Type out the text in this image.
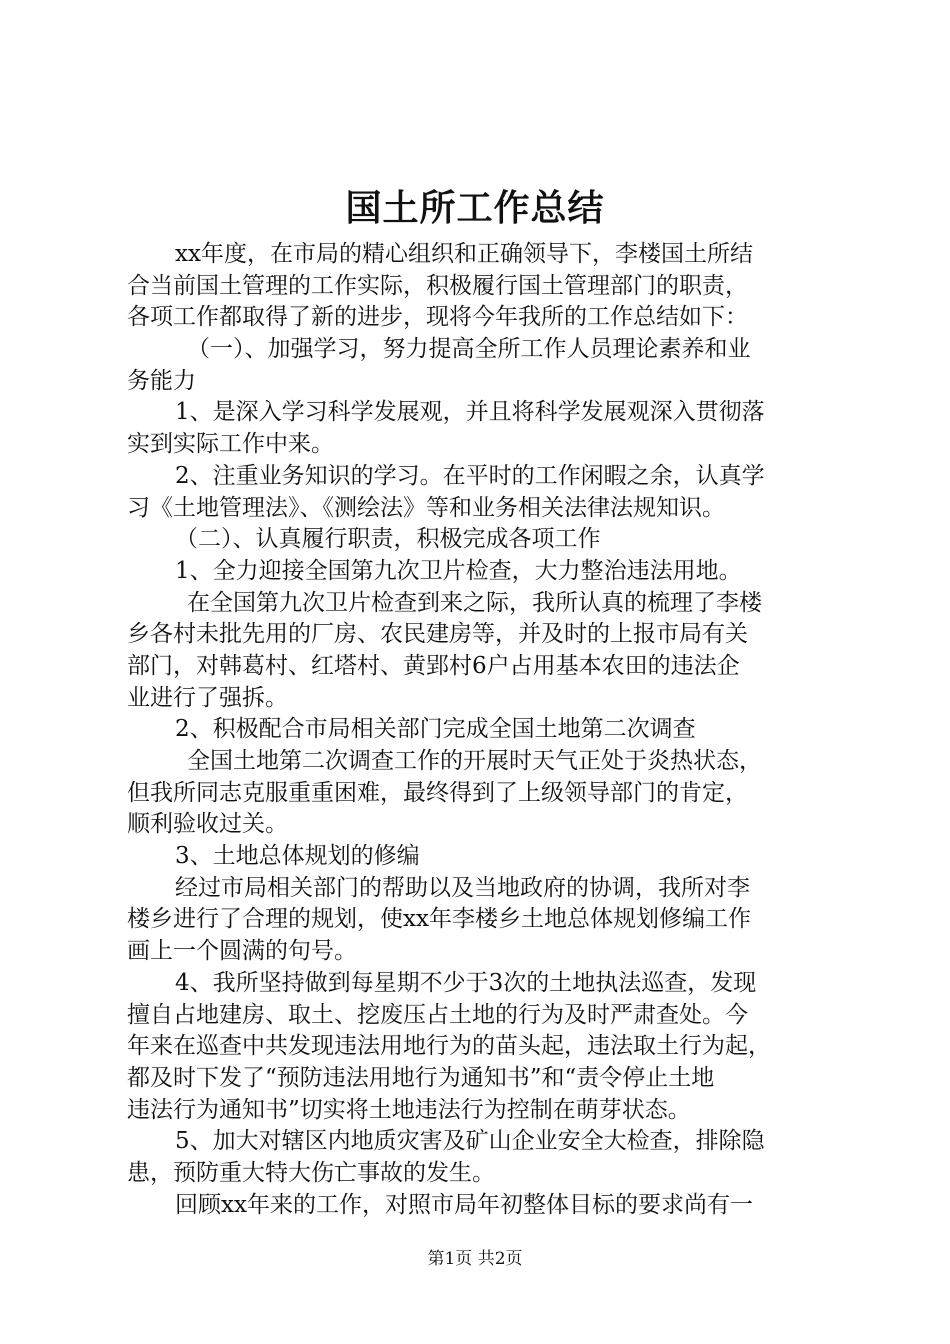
国土所工作总结
xx年度，在市局的精心组织和正确领导下，李楼国土所结
合当前国土管理的工作实际，积极履行国土管理部门的职责，
各项工作都取得了新的进步，现将今年我所的工作总结如下：
（一）、加强学习，努力提高全所工作人员理论素养和业
务能力
1、是深入学习科学发展观，并且将科学发展观深入贯彻落
实到实际工作中来。
2、注重业务知识的学习。在平时的工作闲暇之余，认真学
习《土地管理法》、《测绘法》等和业务相关法律法规知识。
（二）、认真履行职责，积极完成各项工作
1、全力迎接全国第九次卫片检查，大力整治违法用地。
在全国第九次卫片检查到来之际，我所认真的梳理了李楼
乡各村未批先用的厂房、农民建房等，并及时的上报市局有关
部门，对韩葛村、红塔村、黄郢村6户占用基本农田的违法企
业进行了强拆。
2、积极配合市局相关部门完成全国土地第二次调查
全国土地第二次调查工作的开展时天气正处于炎热状态，
但我所同志克服重重困难，最终得到了上级领导部门的肯定，
顺利验收过关。
3、土地总体规划的修编
经过市局相关部门的帮助以及当地政府的协调，我所对李
楼乡进行了合理的规划，使xx年李楼乡土地总体规划修编工作
画上一个圆满的句号。
4、我所坚持做到每星期不少于3次的土地执法巡查，发现
擅自占地建房、取土、挖废压占土地的行为及时严肃查处。今
年来在巡查中共发现违法用地行为的苗头起，违法取土行为起，
都及时下发了“预防违法用地行为通知书”和“责令停止土地
违法行为通知书”切实将土地违法行为控制在萌芽状态。
5、加大对辖区内地质灾害及矿山企业安全大检查，排除隐
患，预防重大特大伤亡事故的发生。
回顾xx年来的工作，对照市局年初整体目标的要求尚有一
第1页 共2页
